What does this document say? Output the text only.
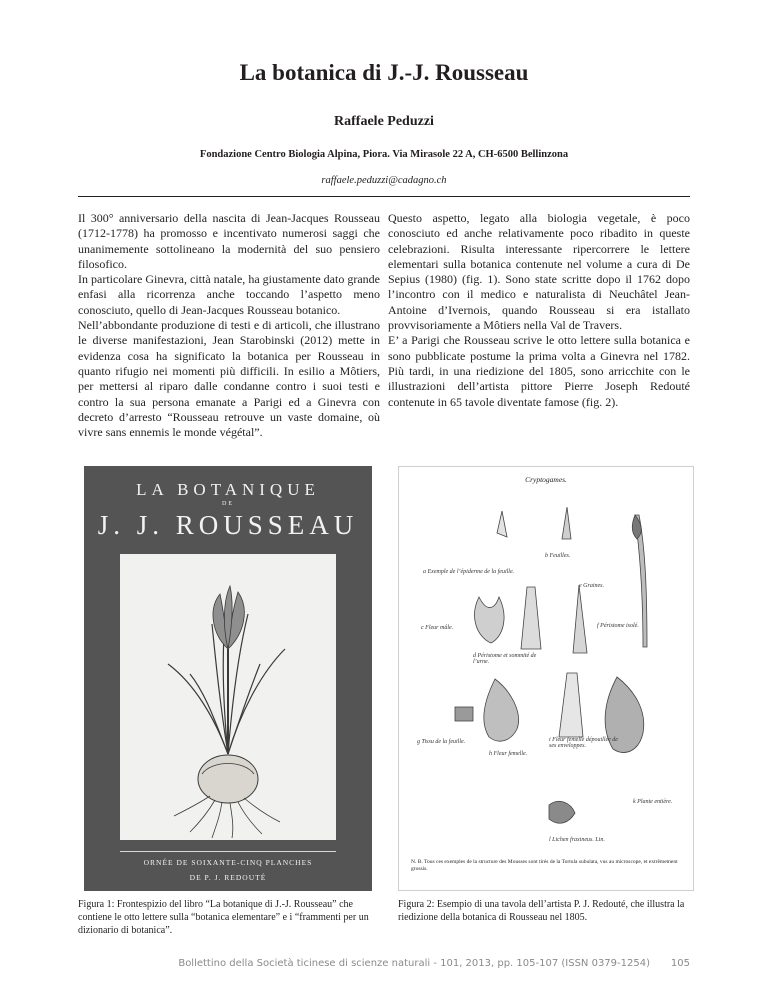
La botanica di J.-J. Rousseau
Raffaele Peduzzi
Fondazione Centro Biologia Alpina, Piora. Via Mirasole 22 A, CH-6500 Bellinzona
raffaele.peduzzi@cadagno.ch

Il 300° anniversario della nascita di Jean-Jacques Rousseau (1712-1778) ha promosso e incentivato numerosi saggi che unanimemente sottolineano la modernità del suo pensiero filosofico.

In particolare Ginevra, città natale, ha giustamente dato grande enfasi alla ricorrenza anche toccando l’aspetto meno conosciuto, quello di Jean-Jacques Rousseau botanico.

Nell’abbondante produzione di testi e di articoli, che illustrano le diverse manifestazioni, Jean Starobinski (2012) mette in evidenza cosa ha significato la botanica per Rousseau in quanto rifugio nei momenti più difficili. In esilio a Môtiers, per mettersi al riparo dalle condanne contro i suoi testi e contro la sua persona emanate a Parigi ed a Ginevra con decreto d’arresto “Rousseau retrouve un vaste domaine, où vivre sans ennemis le monde végétal”.

Questo aspetto, legato alla biologia vegetale, è poco conosciuto ed anche relativamente poco ribadito in queste celebrazioni. Risulta interessante ripercorrere le lettere elementari sulla botanica contenute nel volume a cura di De Sepius (1980) (fig. 1). Sono state scritte dopo il 1762 dopo l’incontro con il medico e naturalista di Neuchâtel Jean-Antoine d’Ivernois, quando Rousseau si era istallato provvisoriamente a Môtiers nella Val de Travers.

E’ a Parigi che Rousseau scrive le otto lettere sulla botanica e sono pubblicate postume la prima volta a Ginevra nel 1782. Più tardi, in una riedizione del 1805, sono arricchite con le illustrazioni dell’artista pittore Pierre Joseph Redouté contenute in 65 tavole diventate famose (fig. 2).

LA BOTANIQUE
DE
J. J. ROUSSEAU
ORNÉE DE SOIXANTE-CINQ PLANCHES
DE P. J. REDOUTÉ
Cryptogames.
b Feuilles.
a Exemple de l’épiderme de la feuille.
e Graines.
c Fleur mâle.	f Péristome isolé.
d Péristome et sommité de l’urne.
g Tissu de la feuille.
h Fleur femelle.
i Fleur femelle dépouillée de ses enveloppes.
k Plante entière.
l Lichen fraxineus. Lin.
N. B. Tous ces exemples de la structure des Mousses sont tirés de la Tortula subulata, vus au microscope, et extrêmement grossis.
Figura 1: Frontespizio del libro “La botanique di J.-J. Rousseau” che contiene le otto lettere sulla “botanica elementare” e i “frammenti per un dizionario di botanica”.
Figura 2: Esempio di una tavola dell’artista P. J. Redouté, che illustra la riedizione della botanica di Rousseau nel 1805.
Bollettino della Società ticinese di scienze naturali - 101, 2013, pp. 105-107 (ISSN 0379-1254)	105
